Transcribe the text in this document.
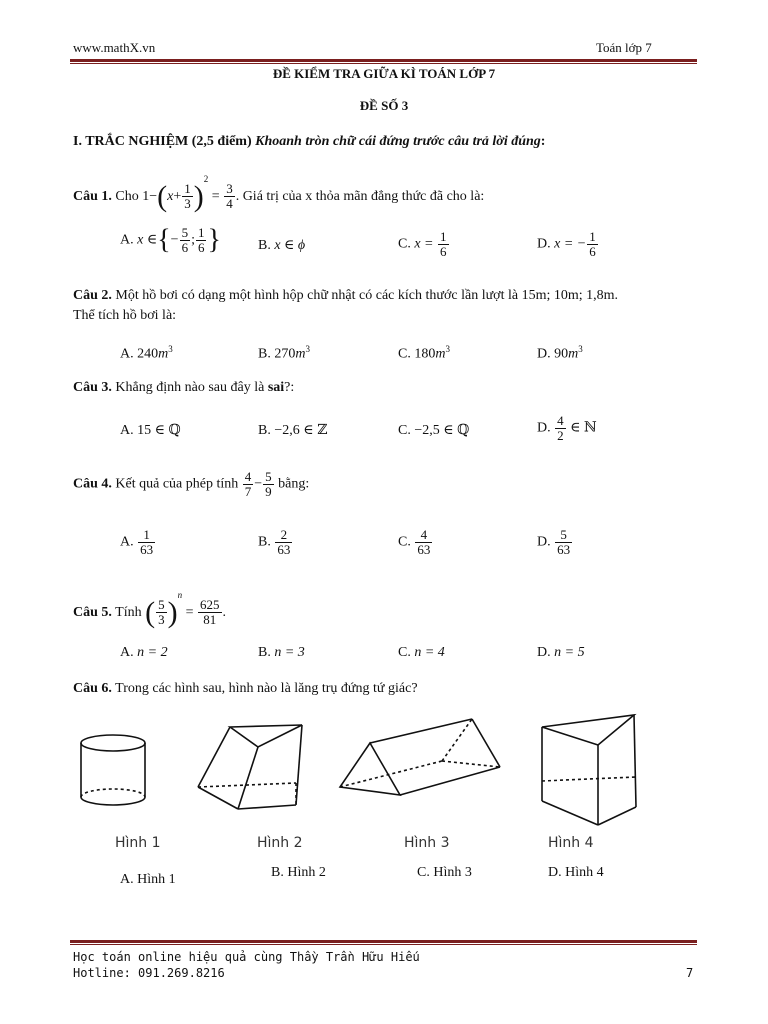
www.mathX.vn	Toán lớp 7
ĐỀ KIỂM TRA GIỮA KÌ TOÁN LỚP 7
ĐỀ SỐ 3
I. TRẮC NGHIỆM (2,5 điểm) Khoanh tròn chữ cái đứng trước câu trả lời đúng:
Câu 1. Cho $1-(x+ \frac{1}{3} )^2 = \frac{3}{4}$ . Giá trị của x thỏa mãn đẳng thức đã cho là:
A. x ∈{− $\frac{5}{6}$ ; $\frac{1}{6}$ }	B. x ∈ ϕ	C. $x = \frac{1}{6}$	D. x = − $\frac{1}{6}$
Câu 2. Một hồ bơi có dạng một hình hộp chữ nhật có các kích thước lần lượt là 15m; 10m; 1,8m.
Thể tích hồ bơi là:
A. $240m^3$	B. $270m^3$	C. $180m^3$	D. $90m^3$
Câu 3. Khẳng định nào sau đây là sai?:
A. 15 ∈ ℚ	B. −2,6 ∈ ℤ	C. −2,5 ∈ ℚ	D. $\frac{4}{2}$ ∈ ℕ
Câu 4. Kết quả của phép tính $\frac{4}{7} - \frac{5}{9}$ bằng:
A. $\frac{1}{63}$	B. $\frac{2}{63}$	C. $\frac{4}{63}$	D. $\frac{5}{63}$
Câu 5. Tính ( $\frac{5}{3} )^n = \frac{625}{81}$ .
A. n = 2	B. n = 3	C. n = 4	D. n = 5
Câu 6. Trong các hình sau, hình nào là lăng trụ đứng tứ giác?
Hình 1	Hình 2	Hình 3	Hình 4
A. Hình 1	B. Hình 2	C. Hình 3	D. Hình 4
Học toán online hiệu quả cùng Thầy Trần Hữu Hiếu
Hotline: 091.269.8216	7
